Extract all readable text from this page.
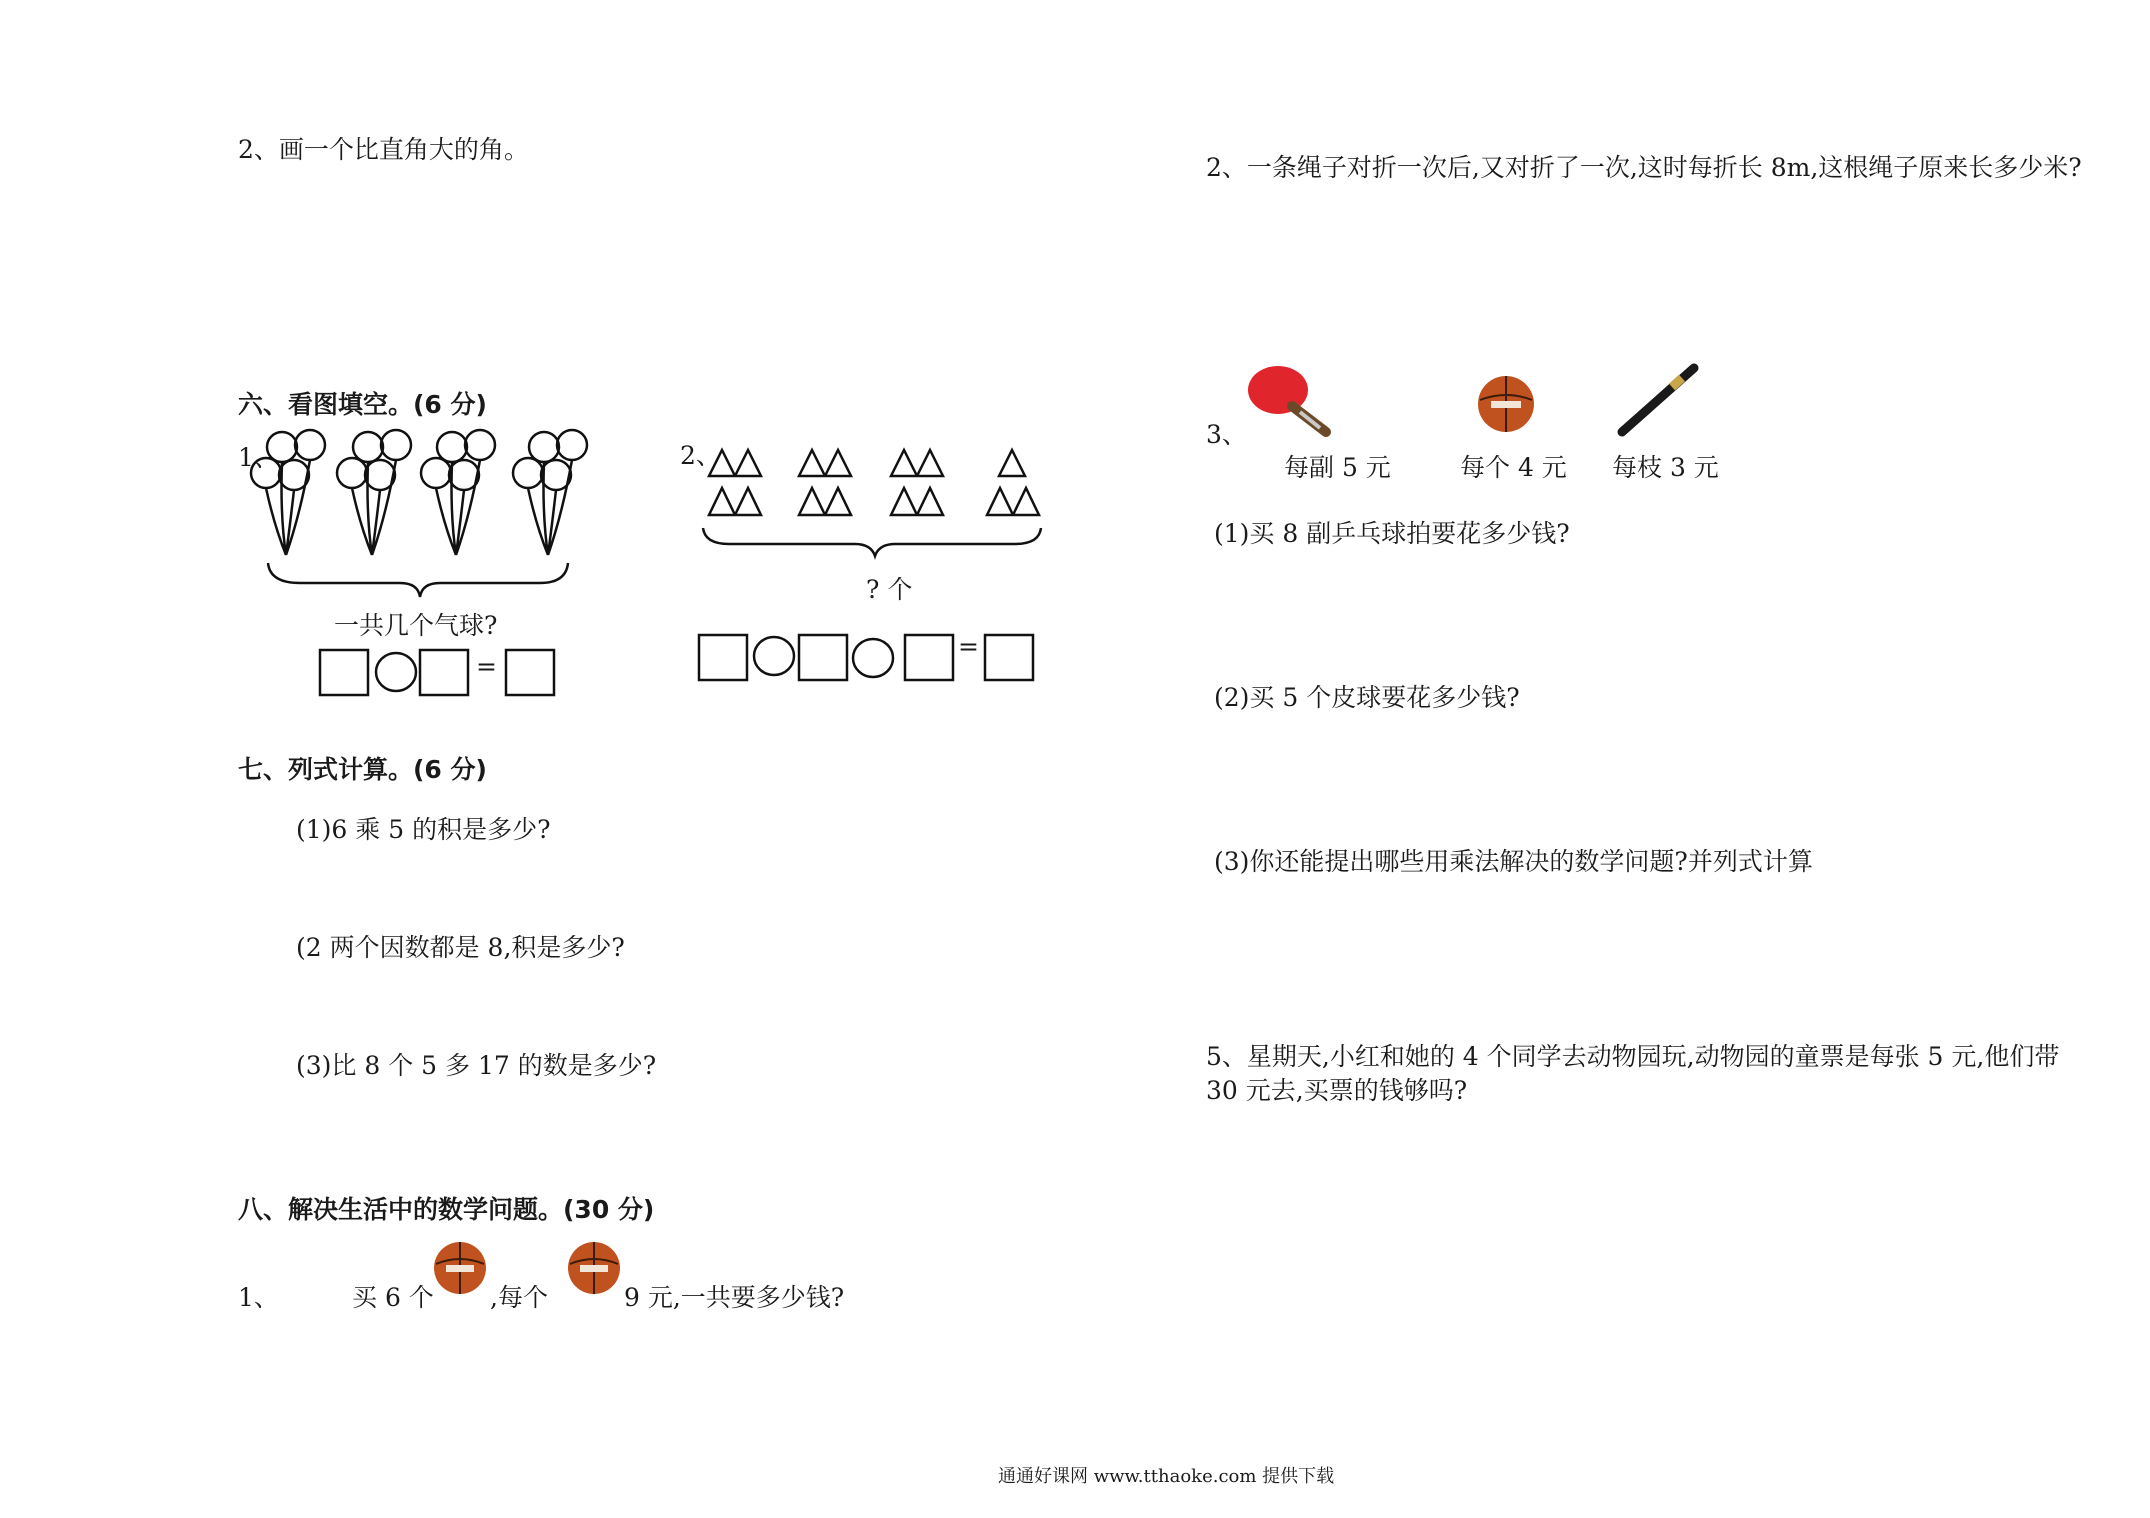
2、画一个比直角大的角。
六、看图填空。(6 分)
1、
一共几个气球?
=
2、
? 个
=
七、列式计算。(6 分)
(1)6 乘 5 的积是多少?
(2 两个因数都是 8,积是多少?
(3)比 8 个 5 多 17 的数是多少?
八、解决生活中的数学问题。(30 分)
1、	买 6 个 ,每个	9 元,一共要多少钱?
2、一条绳子对折一次后,又对折了一次,这时每折长 8m,这根绳子原来长多少米?
3、
每副 5 元	每个 4 元 每枝 3 元
(1)买 8 副乒乓球拍要花多少钱?
(2)买 5 个皮球要花多少钱?
(3)你还能提出哪些用乘法解决的数学问题?并列式计算
5、星期天,小红和她的 4 个同学去动物园玩,动物园的童票是每张 5 元,他们带 30 元去,买票的钱够吗?
通通好课网 www.tthaoke.com 提供下载
